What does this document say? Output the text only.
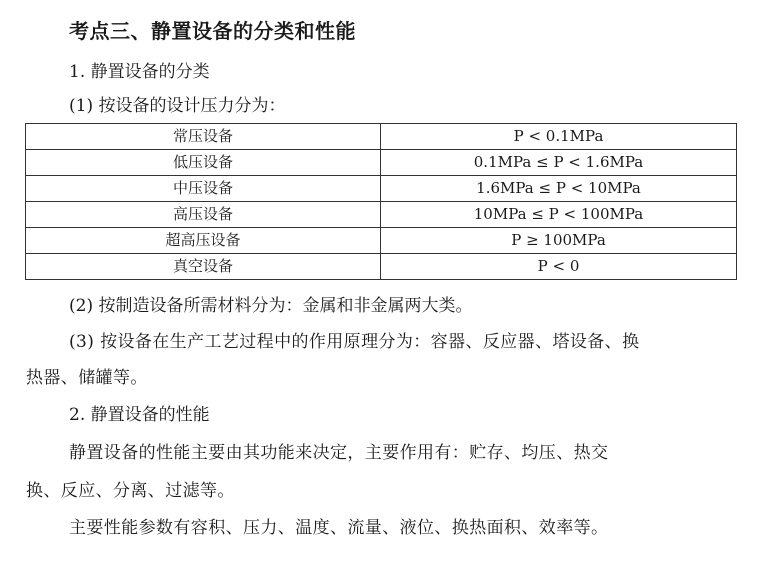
考点三、静置设备的分类和性能
1. 静置设备的分类
(1) 按设备的设计压力分为：
常压设备	P < 0.1MPa
低压设备	0.1MPa ≤ P < 1.6MPa
中压设备	1.6MPa ≤ P < 10MPa
高压设备	10MPa ≤ P < 100MPa
超高压设备	P ≥ 100MPa
真空设备	P < 0
(2) 按制造设备所需材料分为：金属和非金属两大类。
(3) 按设备在生产工艺过程中的作用原理分为：容器、反应器、塔设备、换
热器、储罐等。
2. 静置设备的性能
静置设备的性能主要由其功能来决定，主要作用有：贮存、均压、热交
换、反应、分离、过滤等。
主要性能参数有容积、压力、温度、流量、液位、换热面积、效率等。
